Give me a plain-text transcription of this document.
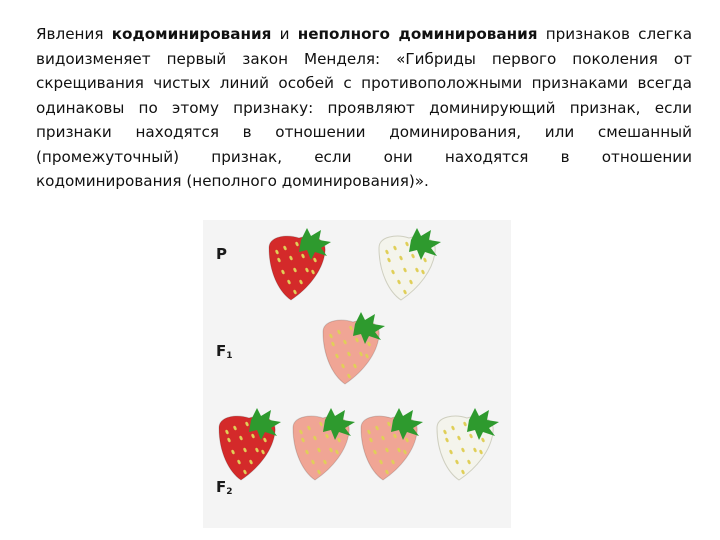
Явления кодоминирования и неполного доминирования признаков слегка
видоизменяет первый закон Менделя: «Гибриды первого поколения от
скрещивания чистых линий особей с противоположными признаками всегда
одинаковы по этому признаку: проявляют доминирующий признак, если
признаки находятся в отношении доминирования, или смешанный
(промежуточный) признак, если они находятся в отношении
кодоминирования (неполного доминирования)».
P
$F_1$
$F_2$
